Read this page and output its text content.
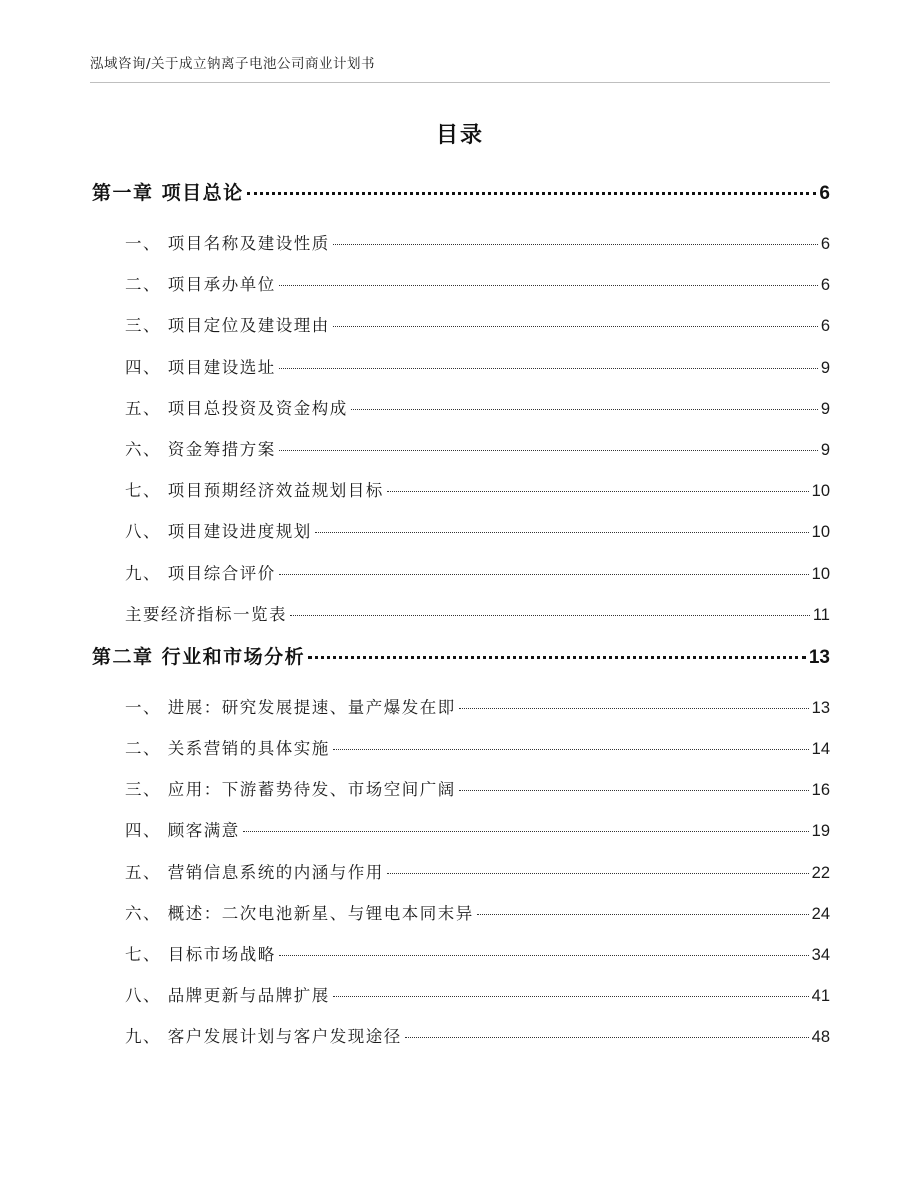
泓域咨询/关于成立钠离子电池公司商业计划书
目录
第一章 项目总论	6
一、 项目名称及建设性质	6
二、 项目承办单位	6
三、 项目定位及建设理由	6
四、 项目建设选址	9
五、 项目总投资及资金构成	9
六、 资金筹措方案	9
七、 项目预期经济效益规划目标	10
八、 项目建设进度规划	10
九、 项目综合评价	10
主要经济指标一览表	11
第二章 行业和市场分析	13
一、 进展：研究发展提速、量产爆发在即	13
二、 关系营销的具体实施	14
三、 应用：下游蓄势待发、市场空间广阔	16
四、 顾客满意	19
五、 营销信息系统的内涵与作用	22
六、 概述：二次电池新星、与锂电本同末异	24
七、 目标市场战略	34
八、 品牌更新与品牌扩展	41
九、 客户发展计划与客户发现途径	48
